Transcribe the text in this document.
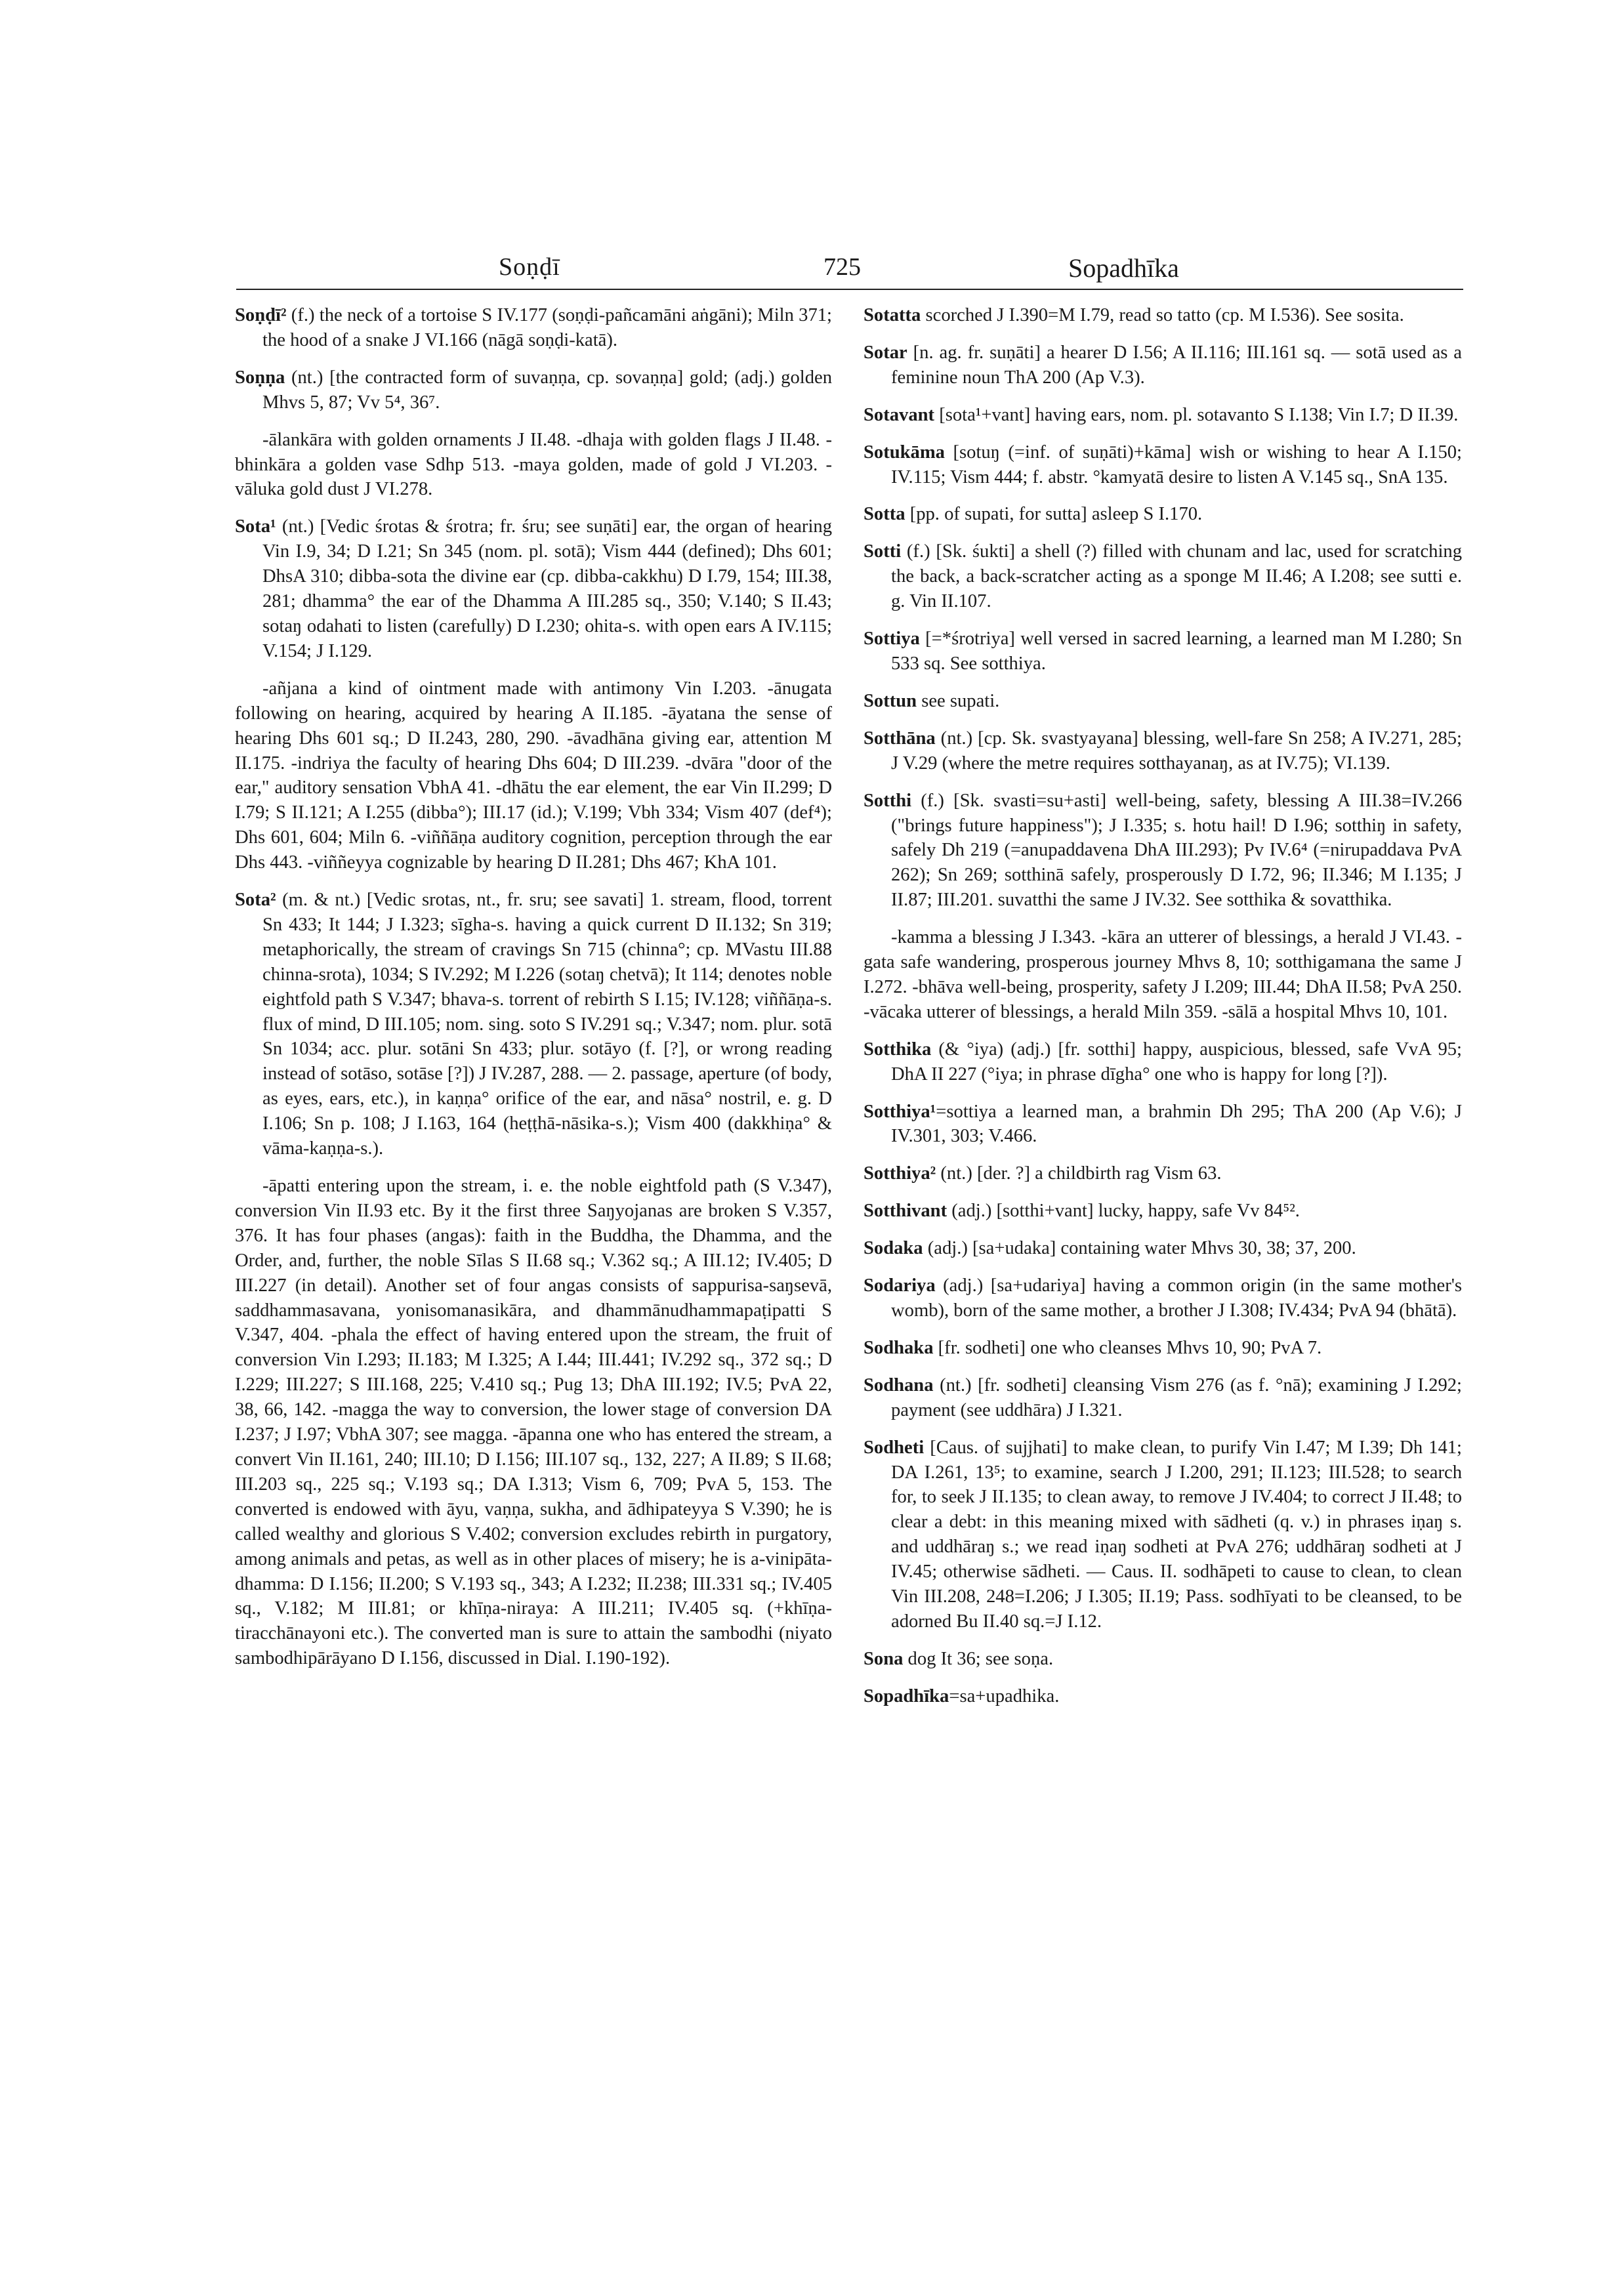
Soṇḍī	725	Sopadhīka

Soṇḍī² (f.) the neck of a tortoise S IV.177 (soṇḍi-pañcamāni aṅgāni); Miln 371; the hood of a snake J VI.166 (nāgā soṇḍi-katā).

Soṇṇa (nt.) [the contracted form of suvaṇṇa, cp. sovaṇṇa] gold; (adj.) golden Mhvs 5, 87; Vv 5⁴, 36⁷.

-ālankāra with golden ornaments J II.48. -dhaja with golden flags J II.48. -bhinkāra a golden vase Sdhp 513. -maya golden, made of gold J VI.203. -vāluka gold dust J VI.278.

Sota¹ (nt.) [Vedic śrotas & śrotra; fr. śru; see suṇāti] ear, the organ of hearing Vin I.9, 34; D I.21; Sn 345 (nom. pl. sotā); Vism 444 (defined); Dhs 601; DhsA 310; dibba-sota the divine ear (cp. dibba-cakkhu) D I.79, 154; III.38, 281; dhamma° the ear of the Dhamma A III.285 sq., 350; V.140; S II.43; sotaŋ odahati to listen (carefully) D I.230; ohita-s. with open ears A IV.115; V.154; J I.129.

-añjana a kind of ointment made with antimony Vin I.203. -ānugata following on hearing, acquired by hearing A II.185. -āyatana the sense of hearing Dhs 601 sq.; D II.243, 280, 290. -āvadhāna giving ear, attention M II.175. -indriya the faculty of hearing Dhs 604; D III.239. -dvāra "door of the ear," auditory sensation VbhA 41. -dhātu the ear element, the ear Vin II.299; D I.79; S II.121; A I.255 (dibba°); III.17 (id.); V.199; Vbh 334; Vism 407 (def⁴); Dhs 601, 604; Miln 6. -viññāṇa auditory cognition, perception through the ear Dhs 443. -viññeyya cognizable by hearing D II.281; Dhs 467; KhA 101.

Sota² (m. & nt.) [Vedic srotas, nt., fr. sru; see savati] 1. stream, flood, torrent Sn 433; It 144; J I.323; sīgha-s. having a quick current D II.132; Sn 319; metaphorically, the stream of cravings Sn 715 (chinna°; cp. MVastu III.88 chinna-srota), 1034; S IV.292; M I.226 (sotaŋ chetvā); It 114; denotes noble eightfold path S V.347; bhava-s. torrent of rebirth S I.15; IV.128; viññāṇa-s. flux of mind, D III.105; nom. sing. soto S IV.291 sq.; V.347; nom. plur. sotā Sn 1034; acc. plur. sotāni Sn 433; plur. sotāyo (f. [?], or wrong reading instead of sotāso, sotāse [?]) J IV.287, 288. — 2. passage, aperture (of body, as eyes, ears, etc.), in kaṇṇa° orifice of the ear, and nāsa° nostril, e. g. D I.106; Sn p. 108; J I.163, 164 (heṭṭhā-nāsika-s.); Vism 400 (dakkhiṇa° & vāma-kaṇṇa-s.).

-āpatti entering upon the stream, i. e. the noble eightfold path (S V.347), conversion Vin II.93 etc. By it the first three Saŋyojanas are broken S V.357, 376. It has four phases (angas): faith in the Buddha, the Dhamma, and the Order, and, further, the noble Sīlas S II.68 sq.; V.362 sq.; A III.12; IV.405; D III.227 (in detail). Another set of four angas consists of sappurisa-saŋsevā, saddhammasavana, yonisomanasikāra, and dhammānudhammapaṭipatti S V.347, 404. -phala the effect of having entered upon the stream, the fruit of conversion Vin I.293; II.183; M I.325; A I.44; III.441; IV.292 sq., 372 sq.; D I.229; III.227; S III.168, 225; V.410 sq.; Pug 13; DhA III.192; IV.5; PvA 22, 38, 66, 142. -magga the way to conversion, the lower stage of conversion DA I.237; J I.97; VbhA 307; see magga. -āpanna one who has entered the stream, a convert Vin II.161, 240; III.10; D I.156; III.107 sq., 132, 227; A II.89; S II.68; III.203 sq., 225 sq.; V.193 sq.; DA I.313; Vism 6, 709; PvA 5, 153. The converted is endowed with āyu, vaṇṇa, sukha, and ādhipateyya S V.390; he is called wealthy and glorious S V.402; conversion excludes rebirth in purgatory, among animals and petas, as well as in other places of misery; he is a-vinipāta-dhamma: D I.156; II.200; S V.193 sq., 343; A I.232; II.238; III.331 sq.; IV.405 sq., V.182; M III.81; or khīṇa-niraya: A III.211; IV.405 sq. (+khīṇa-tiracchānayoni etc.). The converted man is sure to attain the sambodhi (niyato sambodhipārāyano D I.156, discussed in Dial. I.190-192).

Sotatta scorched J I.390=M I.79, read so tatto (cp. M I.536). See sosita.

Sotar [n. ag. fr. suṇāti] a hearer D I.56; A II.116; III.161 sq. — sotā used as a feminine noun ThA 200 (Ap V.3).

Sotavant [sota¹+vant] having ears, nom. pl. sotavanto S I.138; Vin I.7; D II.39.

Sotukāma [sotuŋ (=inf. of suṇāti)+kāma] wish or wishing to hear A I.150; IV.115; Vism 444; f. abstr. °kamyatā desire to listen A V.145 sq., SnA 135.

Sotta [pp. of supati, for sutta] asleep S I.170.

Sotti (f.) [Sk. śukti] a shell (?) filled with chunam and lac, used for scratching the back, a back-scratcher acting as a sponge M II.46; A I.208; see sutti e. g. Vin II.107.

Sottiya [=*śrotriya] well versed in sacred learning, a learned man M I.280; Sn 533 sq. See sotthiya.

Sottun see supati.

Sotthāna (nt.) [cp. Sk. svastyayana] blessing, well-fare Sn 258; A IV.271, 285; J V.29 (where the metre requires sotthayanaŋ, as at IV.75); VI.139.

Sotthi (f.) [Sk. svasti=su+asti] well-being, safety, blessing A III.38=IV.266 ("brings future happiness"); J I.335; s. hotu hail! D I.96; sotthiŋ in safety, safely Dh 219 (=anupaddavena DhA III.293); Pv IV.6⁴ (=nirupaddava PvA 262); Sn 269; sotthinā safely, prosperously D I.72, 96; II.346; M I.135; J II.87; III.201. suvatthi the same J IV.32. See sotthika & sovatthika.

-kamma a blessing J I.343. -kāra an utterer of blessings, a herald J VI.43. -gata safe wandering, prosperous journey Mhvs 8, 10; sotthigamana the same J I.272. -bhāva well-being, prosperity, safety J I.209; III.44; DhA II.58; PvA 250. -vācaka utterer of blessings, a herald Miln 359. -sālā a hospital Mhvs 10, 101.

Sotthika (& °iya) (adj.) [fr. sotthi] happy, auspicious, blessed, safe VvA 95; DhA II 227 (°iya; in phrase dīgha° one who is happy for long [?]).

Sotthiya¹=sottiya a learned man, a brahmin Dh 295; ThA 200 (Ap V.6); J IV.301, 303; V.466.

Sotthiya² (nt.) [der. ?] a childbirth rag Vism 63.

Sotthivant (adj.) [sotthi+vant] lucky, happy, safe Vv 84⁵².

Sodaka (adj.) [sa+udaka] containing water Mhvs 30, 38; 37, 200.

Sodariya (adj.) [sa+udariya] having a common origin (in the same mother's womb), born of the same mother, a brother J I.308; IV.434; PvA 94 (bhātā).

Sodhaka [fr. sodheti] one who cleanses Mhvs 10, 90; PvA 7.

Sodhana (nt.) [fr. sodheti] cleansing Vism 276 (as f. °nā); examining J I.292; payment (see uddhāra) J I.321.

Sodheti [Caus. of sujjhati] to make clean, to purify Vin I.47; M I.39; Dh 141; DA I.261, 13⁵; to examine, search J I.200, 291; II.123; III.528; to search for, to seek J II.135; to clean away, to remove J IV.404; to correct J II.48; to clear a debt: in this meaning mixed with sādheti (q. v.) in phrases iṇaŋ s. and uddhāraŋ s.; we read iṇaŋ sodheti at PvA 276; uddhāraŋ sodheti at J IV.45; otherwise sādheti. — Caus. II. sodhāpeti to cause to clean, to clean Vin III.208, 248=I.206; J I.305; II.19; Pass. sodhīyati to be cleansed, to be adorned Bu II.40 sq.=J I.12.

Sona dog It 36; see soṇa.

Sopadhīka=sa+upadhika.
